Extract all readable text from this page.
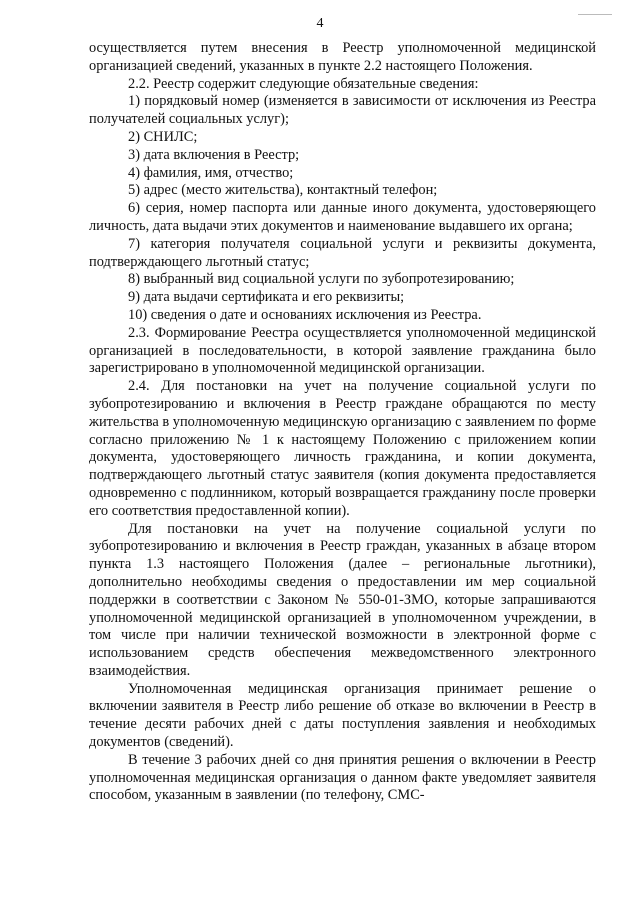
4

осуществляется путем внесения в Реестр уполномоченной медицинской организацией сведений, указанных в пункте 2.2 настоящего Положения.

2.2. Реестр содержит следующие обязательные сведения:

1) порядковый номер (изменяется в зависимости от исключения из Реестра получателей социальных услуг);

2) СНИЛС;

3) дата включения в Реестр;

4) фамилия, имя, отчество;

5) адрес (место жительства), контактный телефон;

6) серия, номер паспорта или данные иного документа, удостоверяющего личность, дата выдачи этих документов и наименование выдавшего их органа;

7) категория получателя социальной услуги и реквизиты документа, подтверждающего льготный статус;

8) выбранный вид социальной услуги по зубопротезированию;

9) дата выдачи сертификата и его реквизиты;

10) сведения о дате и основаниях исключения из Реестра.

2.3. Формирование Реестра осуществляется уполномоченной медицинской организацией в последовательности, в которой заявление гражданина было зарегистрировано в уполномоченной медицинской организации.

2.4. Для постановки на учет на получение социальной услуги по зубопротезированию и включения в Реестр граждане обращаются по месту жительства в уполномоченную медицинскую организацию с заявлением по форме согласно приложению № 1 к настоящему Положению с приложением копии документа, удостоверяющего личность гражданина, и копии документа, подтверждающего льготный статус заявителя (копия документа предоставляется одновременно с подлинником, который возвращается гражданину после проверки его соответствия предоставленной копии).

Для постановки на учет на получение социальной услуги по зубопротезированию и включения в Реестр граждан, указанных в абзаце втором пункта 1.3 настоящего Положения (далее – региональные льготники), дополнительно необходимы сведения о предоставлении им мер социальной поддержки в соответствии с Законом № 550-01-ЗМО, которые запрашиваются уполномоченной медицинской организацией в уполномоченном учреждении, в том числе при наличии технической возможности в электронной форме с использованием средств обеспечения межведомственного электронного взаимодействия.

Уполномоченная медицинская организация принимает решение о включении заявителя в Реестр либо решение об отказе во включении в Реестр в течение десяти рабочих дней с даты поступления заявления и необходимых документов (сведений).

В течение 3 рабочих дней со дня принятия решения о включении в Реестр уполномоченная медицинская организация о данном факте уведомляет заявителя способом, указанным в заявлении (по телефону, СМС-
